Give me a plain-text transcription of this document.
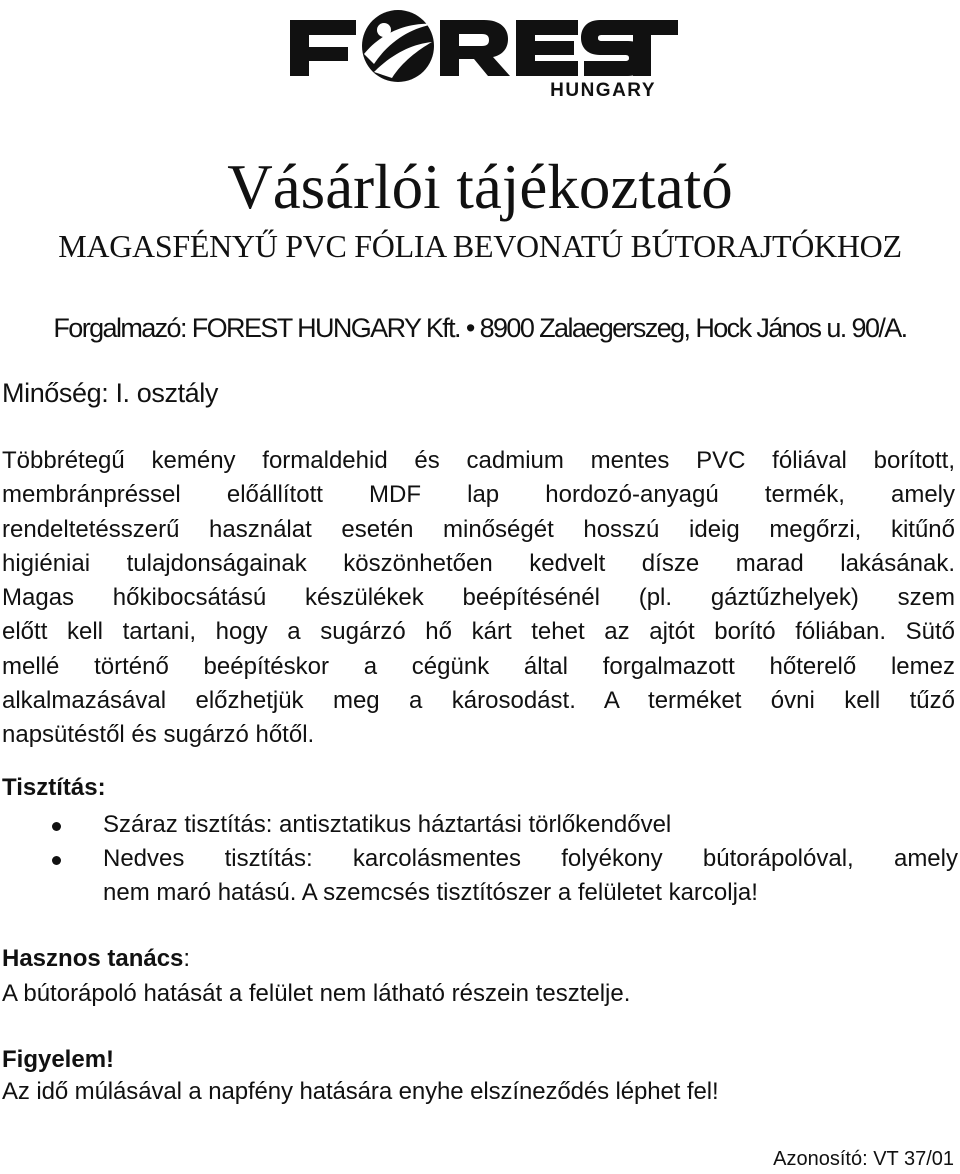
HUNGARY
Vásárlói tájékoztató
MAGASFÉNYŰ PVC FÓLIA BEVONATÚ BÚTORAJTÓKHOZ
Forgalmazó: FOREST HUNGARY Kft. • 8900 Zalaegerszeg, Hock János u. 90/A.
Minőség: I. osztály
Többrétegű kemény formaldehid és cadmium mentes PVC fóliával borított,
membránpréssel előállított MDF lap hordozó-anyagú termék, amely
rendeltetésszerű használat esetén minőségét hosszú ideig megőrzi, kitűnő
higiéniai tulajdonságainak köszönhetően kedvelt dísze marad lakásának.
Magas hőkibocsátású készülékek beépítésénél (pl. gáztűzhelyek) szem
előtt kell tartani, hogy a sugárzó hő kárt tehet az ajtót borító fóliában. Sütő
mellé történő beépítéskor a cégünk által forgalmazott hőterelő lemez
alkalmazásával előzhetjük meg a károsodást. A terméket óvni kell tűző
napsütéstől és sugárzó hőtől.
Tisztítás:
Száraz tisztítás: antisztatikus háztartási törlőkendővel
Nedves tisztítás: karcolásmentes folyékony bútorápolóval, amely
nem maró hatású. A szemcsés tisztítószer a felületet karcolja!
Hasznos tanács:
A bútorápoló hatását a felület nem látható részein tesztelje.
Figyelem!
Az idő múlásával a napfény hatására enyhe elszíneződés léphet fel!
Azonosító: VT 37/01
